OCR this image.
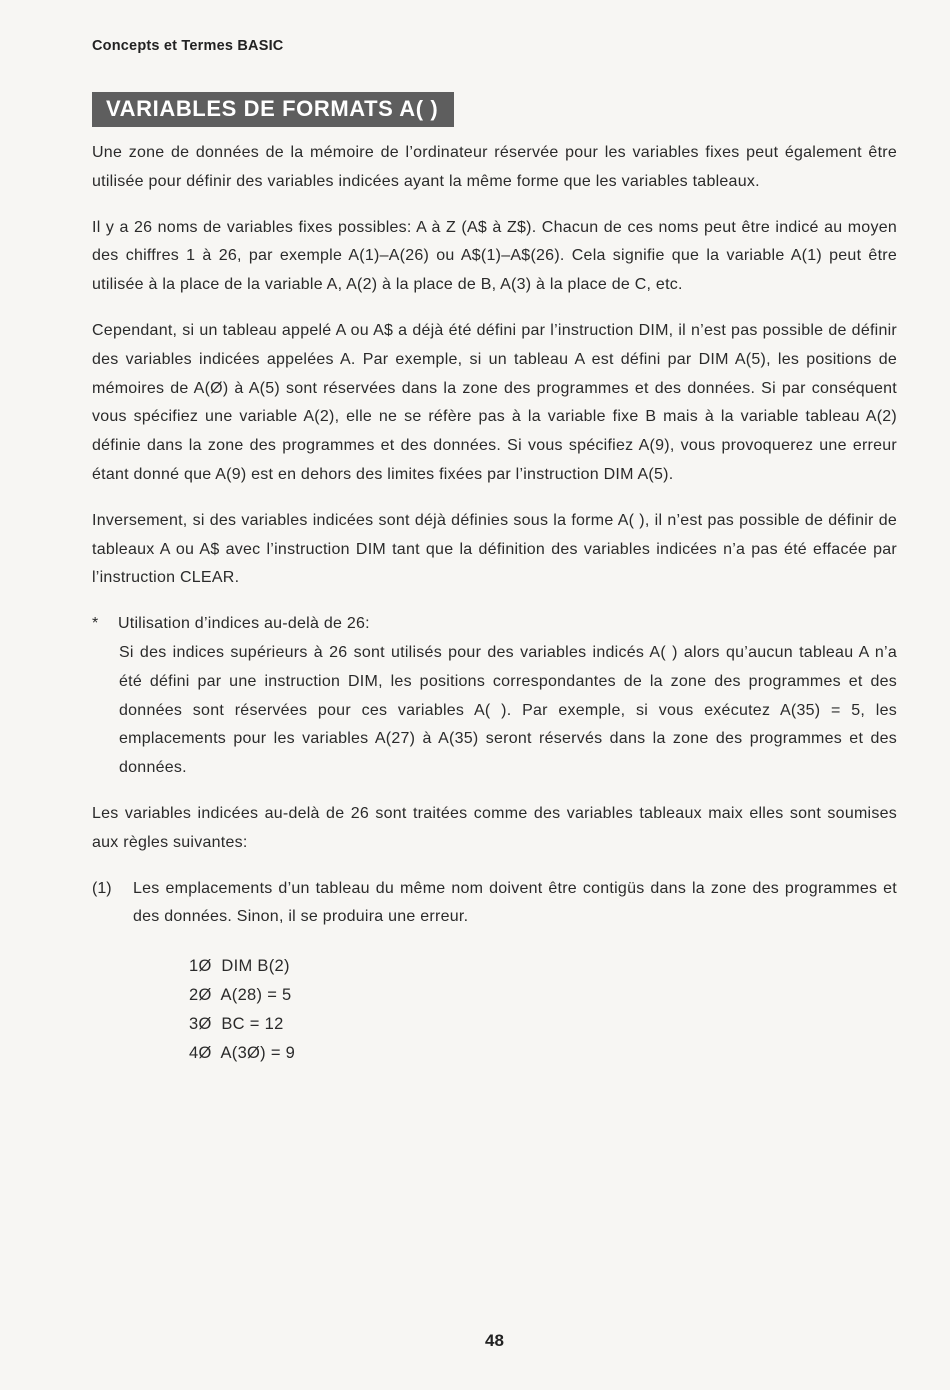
Concepts et Termes BASIC
VARIABLES DE FORMATS A( )

Une zone de données de la mémoire de l’ordinateur réservée pour les variables fixes peut également être utilisée pour définir des variables indicées ayant la même forme que les variables tableaux.

Il y a 26 noms de variables fixes possibles: A à Z (A$ à Z$). Chacun de ces noms peut être indicé au moyen des chiffres 1 à 26, par exemple A(1)–A(26) ou A$(1)–A$(26). Cela signifie que la variable A(1) peut être utilisée à la place de la variable A, A(2) à la place de B, A(3) à la place de C, etc.

Cependant, si un tableau appelé A ou A$ a déjà été défini par l’instruction DIM, il n’est pas possible de définir des variables indicées appelées A. Par exemple, si un tableau A est défini par DIM A(5), les positions de mémoires de A(Ø) à A(5) sont réservées dans la zone des programmes et des données. Si par conséquent vous spécifiez une variable A(2), elle ne se réfère pas à la variable fixe B mais à la variable tableau A(2) définie dans la zone des programmes et des données. Si vous spécifiez A(9), vous provoquerez une erreur étant donné que A(9) est en dehors des limites fixées par l’instruction DIM A(5).

Inversement, si des variables indicées sont déjà définies sous la forme A( ), il n’est pas possible de définir de tableaux A ou A$ avec l’instruction DIM tant que la définition des variables indicées n’a pas été effacée par l’instruction CLEAR.

* Utilisation d’indices au-delà de 26:
Si des indices supérieurs à 26 sont utilisés pour des variables indicés A( ) alors qu’aucun tableau A n’a été défini par une instruction DIM, les positions correspondantes de la zone des programmes et des données sont réservées pour ces variables A( ). Par exemple, si vous exécutez A(35) = 5, les emplacements pour les variables A(27) à A(35) seront réservés dans la zone des programmes et des données.

Les variables indicées au-delà de 26 sont traitées comme des variables tableaux maix elles sont soumises aux règles suivantes:

(1)	Les emplacements d’un tableau du même nom doivent être contigüs dans la zone des programmes et des données. Sinon, il se produira une erreur.
1Ø  DIM B(2)
2Ø  A(28) = 5
3Ø  BC = 12
4Ø  A(3Ø) = 9
48
